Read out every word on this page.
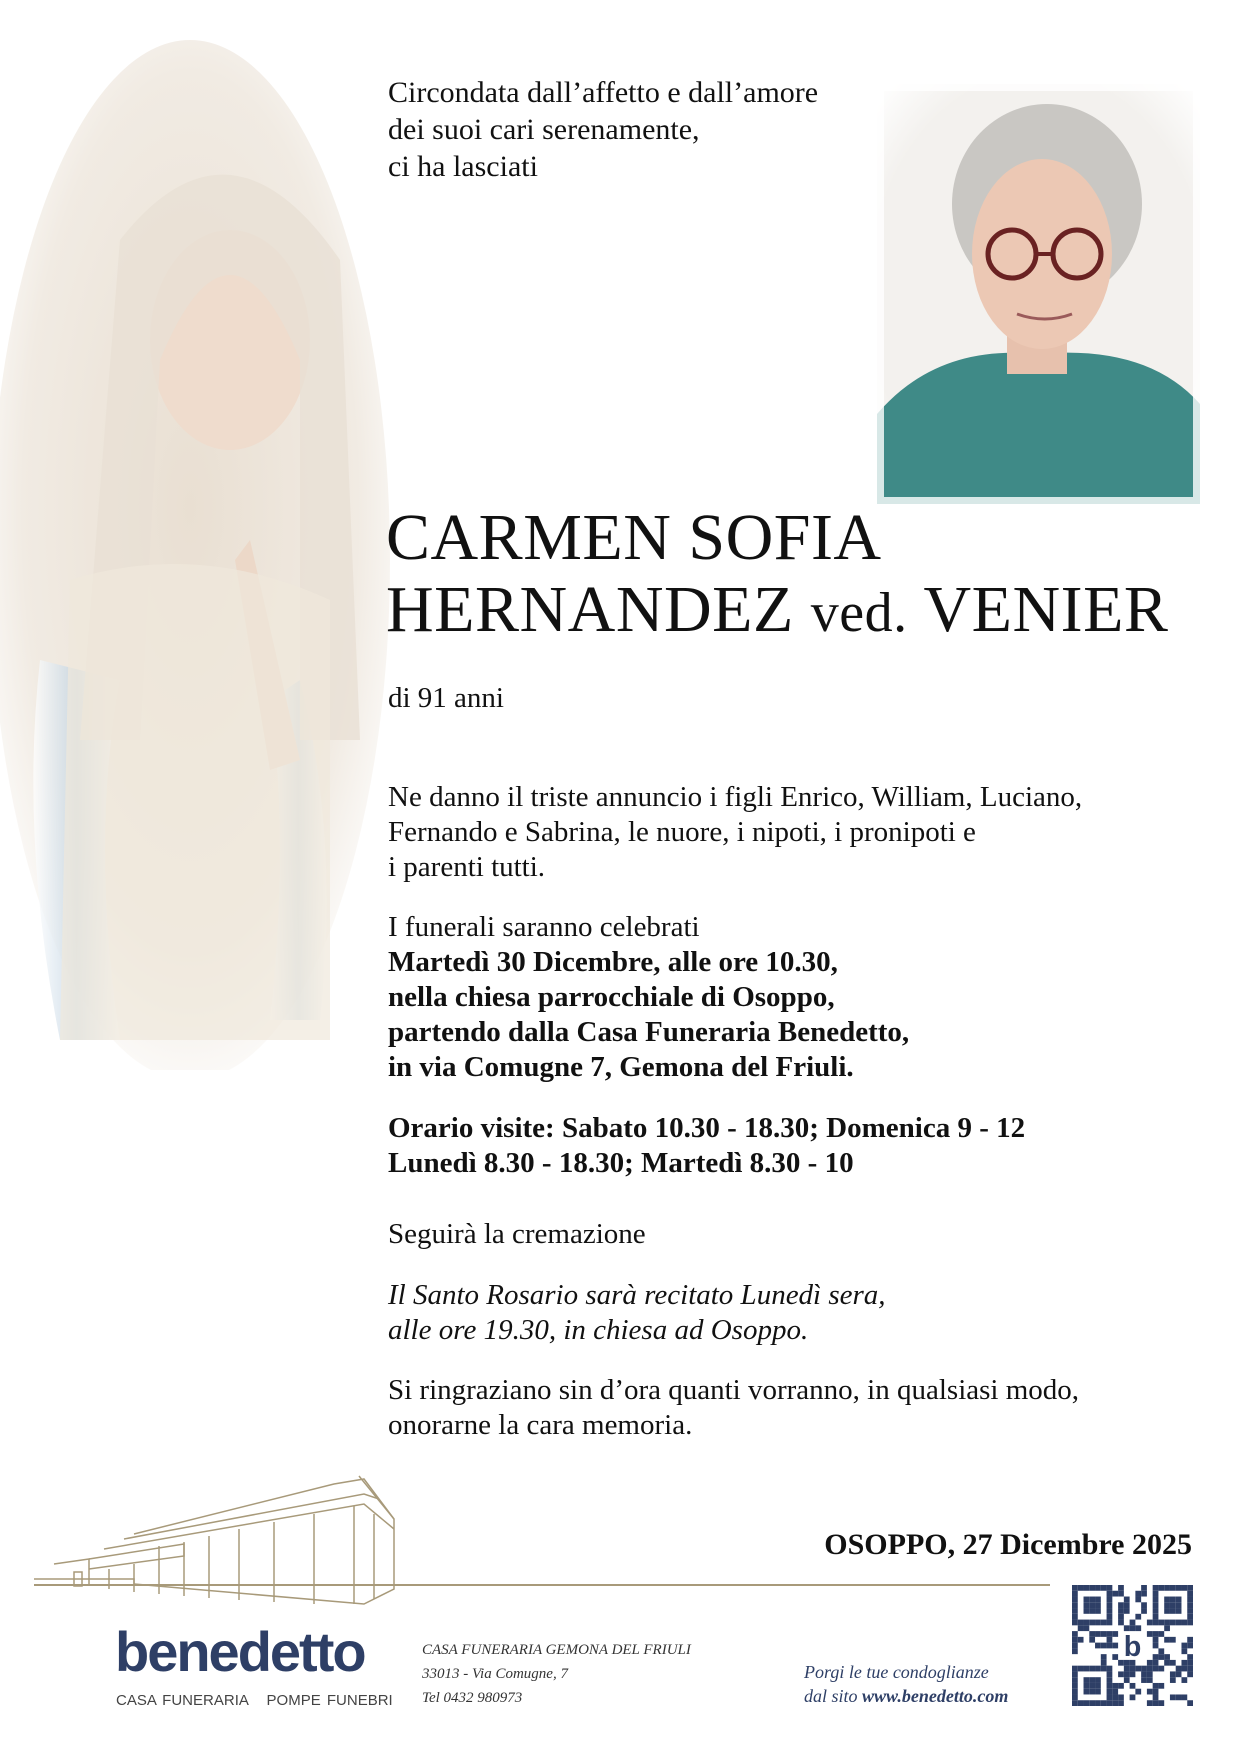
Circondata dall’affetto e dall’amore
dei suoi cari serenamente,
ci ha lasciati
CARMEN SOFIA
HERNANDEZ ved. VENIER
di 91 anni
Ne danno il triste annuncio i figli Enrico, William, Luciano,
Fernando e Sabrina, le nuore, i nipoti, i pronipoti e
i parenti tutti.
I funerali saranno celebrati
Martedì 30 Dicembre, alle ore 10.30,
nella chiesa parrocchiale di Osoppo,
partendo dalla Casa Funeraria Benedetto,
in via Comugne 7, Gemona del Friuli.
Orario visite: Sabato 10.30 - 18.30; Domenica 9 - 12
Lunedì 8.30 - 18.30; Martedì 8.30 - 10
Seguirà la cremazione
Il Santo Rosario sarà recitato Lunedì sera,
alle ore 19.30, in chiesa ad Osoppo.
Si ringraziano sin d’ora quanti vorranno, in qualsiasi modo,
onorarne la cara memoria.
OSOPPO, 27 Dicembre 2025
benedetto
CASA FUNERARIA   POMPE FUNEBRI
CASA FUNERARIA GEMONA DEL FRIULI
33013 - Via Comugne, 7
Tel 0432 980973
Porgi le tue condoglianze
dal sito www.benedetto.com
b
